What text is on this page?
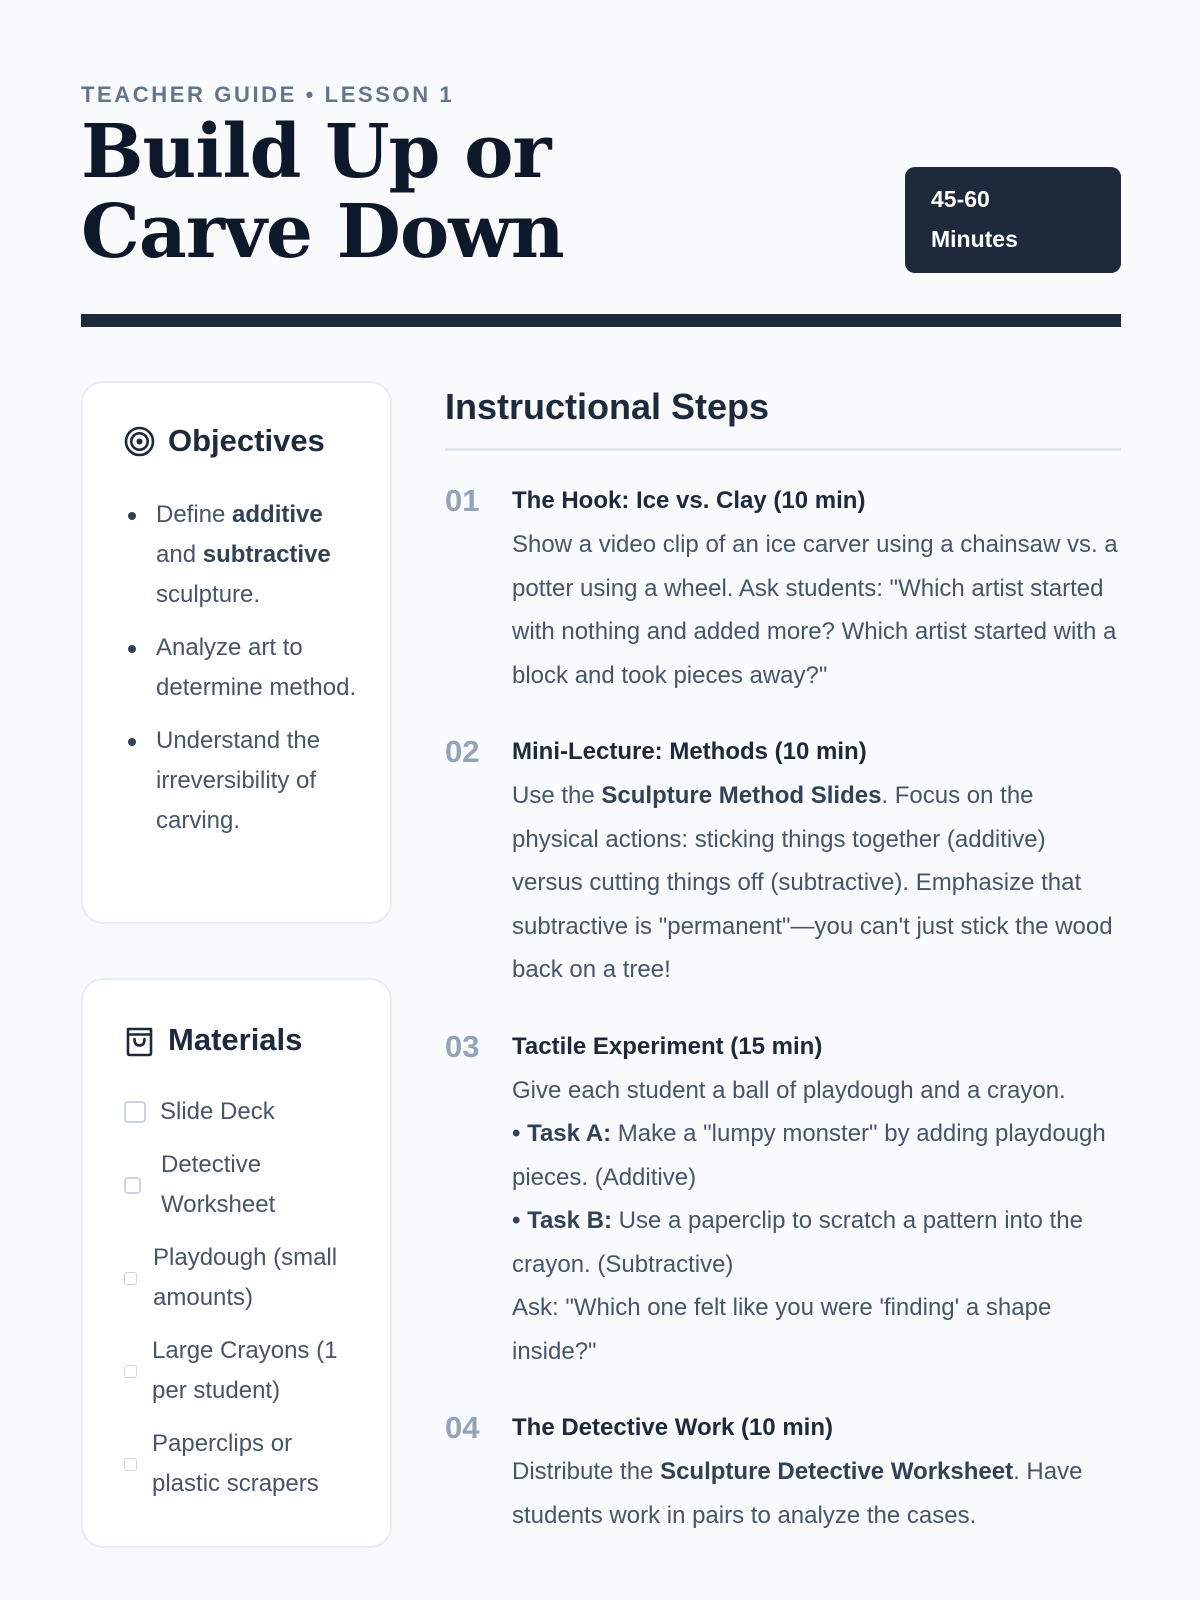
TEACHER GUIDE • LESSON 1
Build Up or Carve Down	45-60
Minutes
Objectives
Define additive and subtractive sculpture.
Analyze art to determine method.
Understand the irreversibility of carving.
Materials
Slide Deck
Detective Worksheet
Playdough (small amounts)
Large Crayons (1 per student)
Paperclips or plastic scrapers
Instructional Steps
01 The Hook: Ice vs. Clay (10 min)
Show a video clip of an ice carver using a chainsaw vs. a potter using a wheel. Ask students: "Which artist started with nothing and added more? Which artist started with a block and took pieces away?"
02 Mini-Lecture: Methods (10 min)
Use the Sculpture Method Slides. Focus on the physical actions: sticking things together (additive) versus cutting things off (subtractive). Emphasize that subtractive is "permanent"—you can't just stick the wood back on a tree!
03 Tactile Experiment (15 min)
Give each student a ball of playdough and a crayon.
• Task A: Make a "lumpy monster" by adding playdough pieces. (Additive)
• Task B: Use a paperclip to scratch a pattern into the crayon. (Subtractive)
Ask: "Which one felt like you were 'finding' a shape inside?"
04 The Detective Work (10 min)
Distribute the Sculpture Detective Worksheet. Have students work in pairs to analyze the cases.
